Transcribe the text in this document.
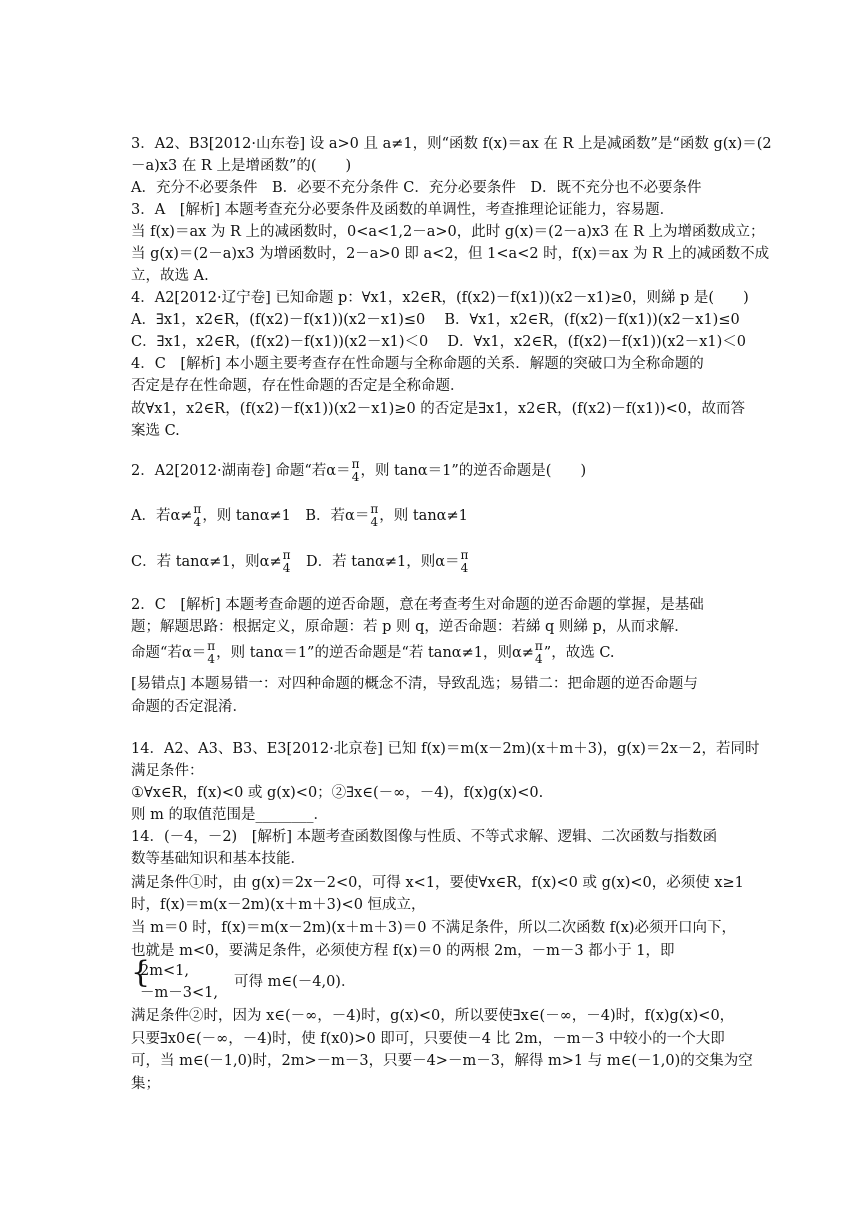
3．A2、B3[2012·山东卷] 设 a>0 且 a≠1，则“函数 f(x)＝ax 在 R 上是减函数”是“函数 g(x)＝(2
－a)x3 在 R 上是增函数”的(　　)
A．充分不必要条件　B．必要不充分条件 C．充分必要条件　D．既不充分也不必要条件
3．A　[解析] 本题考查充分必要条件及函数的单调性，考查推理论证能力，容易题．
当 f(x)＝ax 为 R 上的减函数时，0<a<1,2－a>0，此时 g(x)＝(2－a)x3 在 R 上为增函数成立；
当 g(x)＝(2－a)x3 为增函数时，2－a>0 即 a<2，但 1<a<2 时，f(x)＝ax 为 R 上的减函数不成
立，故选 A.
4．A2[2012·辽宁卷] 已知命题 p：∀x1，x2∈R，(f(x2)－f(x1))(x2－x1)≥0，则綈 p 是(　　)
A．∃x1，x2∈R，(f(x2)－f(x1))(x2－x1)≤0　 B．∀x1，x2∈R，(f(x2)－f(x1))(x2－x1)≤0
C．∃x1，x2∈R，(f(x2)－f(x1))(x2－x1)＜0　 D．∀x1，x2∈R，(f(x2)－f(x1))(x2－x1)＜0
4．C　[解析] 本小题主要考查存在性命题与全称命题的关系．解题的突破口为全称命题的
否定是存在性命题，存在性命题的否定是全称命题．
故∀x1，x2∈R，(f(x2)－f(x1))(x2－x1)≥0 的否定是∃x1，x2∈R，(f(x2)－f(x1))<0，故而答
案选 C.
2．A2[2012·湖南卷] 命题“若α＝ π
4 ，则 tanα＝1”的逆否命题是(　　)
A．若α≠ π
4 ，则 tanα≠1　B．若α＝ π
4 ，则 tanα≠1
C．若 tanα≠1，则α≠ π
4 　D．若 tanα≠1，则α＝ π
4
2．C　[解析] 本题考查命题的逆否命题，意在考查考生对命题的逆否命题的掌握，是基础
题；解题思路：根据定义，原命题：若 p 则 q，逆否命题：若綈 q 则綈 p，从而求解．
命题“若α＝ π
4 ，则 tanα＝1”的逆否命题是“若 tanα≠1，则α≠ π
4 ”，故选 C.
[易错点] 本题易错一：对四种命题的概念不清，导致乱选；易错二：把命题的逆否命题与
命题的否定混淆．
14．A2、A3、B3、E3[2012·北京卷] 已知 f(x)＝m(x－2m)(x＋m＋3)，g(x)＝2x－2，若同时
满足条件：
①∀x∈R，f(x)<0 或 g(x)<0；②∃x∈(－∞，－4)，f(x)g(x)<0.
则 m 的取值范围是________．
14．(－4，－2)　[解析] 本题考查函数图像与性质、不等式求解、逻辑、二次函数与指数函
数等基础知识和基本技能．
满足条件①时，由 g(x)＝2x－2<0，可得 x<1，要使∀x∈R，f(x)<0 或 g(x)<0，必须使 x≥1
时，f(x)＝m(x－2m)(x＋m＋3)<0 恒成立，
当 m＝0 时，f(x)＝m(x－2m)(x＋m＋3)＝0 不满足条件，所以二次函数 f(x)必须开口向下，
也就是 m<0，要满足条件，必须使方程 f(x)＝0 的两根 2m，－m－3 都小于 1，即
{
2m<1,
－m－3<1,
可得 m∈(－4,0)．
满足条件②时，因为 x∈(－∞，－4)时，g(x)<0，所以要使∃x∈(－∞，－4)时，f(x)g(x)<0，
只要∃x0∈(－∞，－4)时，使 f(x0)>0 即可，只要使－4 比 2m，－m－3 中较小的一个大即
可，当 m∈(－1,0)时，2m>－m－3，只要－4>－m－3，解得 m>1 与 m∈(－1,0)的交集为空
集；
